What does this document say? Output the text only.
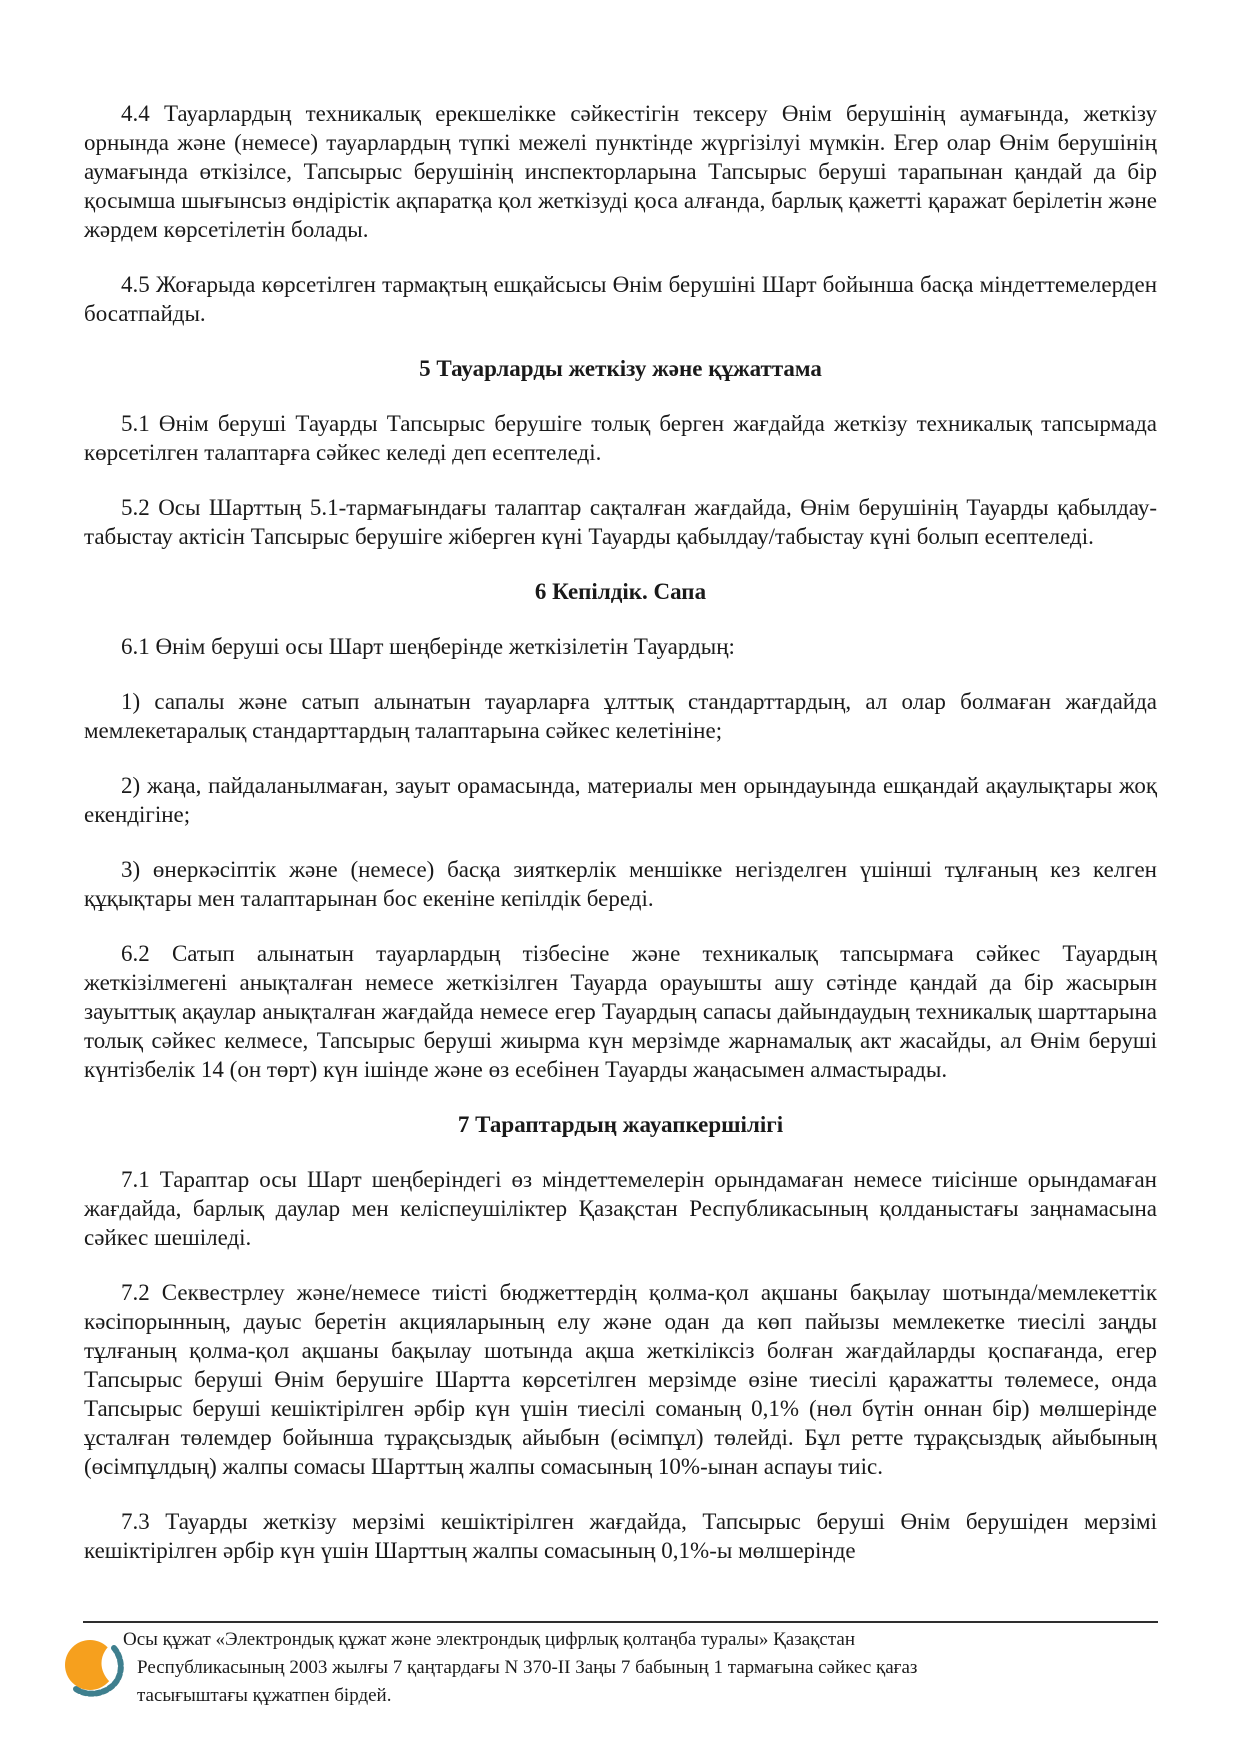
4.4 Тауарлардың техникалық ерекшелікке сәйкестігін тексеру Өнім берушінің аумағында, жеткізу орнында және (немесе) тауарлардың түпкі межелі пунктінде жүргізілуі мүмкін. Егер олар Өнім берушінің аумағында өткізілсе, Тапсырыс берушінің инспекторларына Тапсырыс беруші тарапынан қандай да бір қосымша шығынсыз өндірістік ақпаратқа қол жеткізуді қоса алғанда, барлық қажетті қаражат берілетін және жәрдем көрсетілетін болады.

4.5 Жоғарыда көрсетілген тармақтың ешқайсысы Өнім берушіні Шарт бойынша басқа міндеттемелерден босатпайды.

5 Тауарларды жеткізу және құжаттама

5.1 Өнім беруші Тауарды Тапсырыс берушіге толық берген жағдайда жеткізу техникалық тапсырмада көрсетілген талаптарға сәйкес келеді деп есептеледі.

5.2 Осы Шарттың 5.1-тармағындағы талаптар сақталған жағдайда, Өнім берушінің Тауарды қабылдау-табыстау актісін Тапсырыс берушіге жіберген күні Тауарды қабылдау/табыстау күні болып есептеледі.

6 Кепілдік. Сапа

6.1 Өнім беруші осы Шарт шеңберінде жеткізілетін Тауардың:

1) сапалы және сатып алынатын тауарларға ұлттық стандарттардың, ал олар болмаған жағдайда мемлекетаралық стандарттардың талаптарына сәйкес келетініне;

2) жаңа, пайдаланылмаған, зауыт орамасында, материалы мен орындауында ешқандай ақаулықтары жоқ екендігіне;

3) өнеркәсіптік және (немесе) басқа зияткерлік меншікке негізделген үшінші тұлғаның кез келген құқықтары мен талаптарынан бос екеніне кепілдік береді.

6.2 Сатып алынатын тауарлардың тізбесіне және техникалық тапсырмаға сәйкес Тауардың жеткізілмегені анықталған немесе жеткізілген Тауарда орауышты ашу сәтінде қандай да бір жасырын зауыттық ақаулар анықталған жағдайда немесе егер Тауардың сапасы дайындаудың техникалық шарттарына толық сәйкес келмесе, Тапсырыс беруші жиырма күн мерзімде жарнамалық акт жасайды, ал Өнім беруші күнтізбелік 14 (он төрт) күн ішінде және өз есебінен Тауарды жаңасымен алмастырады.

7 Тараптардың жауапкершілігі

7.1 Тараптар осы Шарт шеңберіндегі өз міндеттемелерін орындамаған немесе тиісінше орындамаған жағдайда, барлық даулар мен келіспеушіліктер Қазақстан Республикасының қолданыстағы заңнамасына сәйкес шешіледі.

7.2 Секвестрлеу және/немесе тиісті бюджеттердің қолма-қол ақшаны бақылау шотында/мемлекеттік кәсіпорынның, дауыс беретін акцияларының елу және одан да көп пайызы мемлекетке тиесілі заңды тұлғаның қолма-қол ақшаны бақылау шотында ақша жеткіліксіз болған жағдайларды қоспағанда, егер Тапсырыс беруші Өнім берушіге Шартта көрсетілген мерзімде өзіне тиесілі қаражатты төлемесе, онда Тапсырыс беруші кешіктірілген әрбір күн үшін тиесілі соманың 0,1% (нөл бүтін оннан бір) мөлшерінде ұсталған төлемдер бойынша тұрақсыздық айыбын (өсімпұл) төлейді. Бұл ретте тұрақсыздық айыбының (өсімпұлдың) жалпы сомасы Шарттың жалпы сомасының 10%-ынан аспауы тиіс.

7.3 Тауарды жеткізу мерзімі кешіктірілген жағдайда, Тапсырыс беруші Өнім берушіден мерзімі кешіктірілген әрбір күн үшін Шарттың жалпы сомасының 0,1%-ы мөлшерінде

Осы құжат «Электрондық құжат және электрондық цифрлық қолтаңба туралы» Қазақстан
Республикасының 2003 жылғы 7 қаңтардағы N 370-II Заңы 7 бабының 1 тармағына сәйкес қағаз
тасығыштағы құжатпен бірдей.
